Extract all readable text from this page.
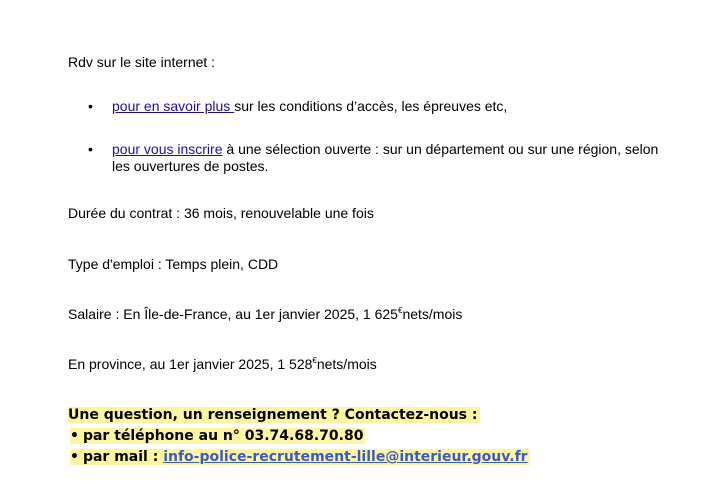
Rdv sur le site internet :
• pour en savoir plus sur les conditions d’accès, les épreuves etc,
• pour vous inscrire à une sélection ouverte : sur un département ou sur une région, selon les ouvertures de postes.
Durée du contrat : 36 mois, renouvelable une fois
Type d'emploi : Temps plein, CDD
Salaire : En Île-de-France, au 1er janvier 2025, 1 625€nets/mois
En province, au 1er janvier 2025, 1 528€nets/mois
Une question, un renseignement ? Contactez-nous :
• par téléphone au n° 03.74.68.70.80
• par mail : info-police-recrutement-lille@interieur.gouv.fr
